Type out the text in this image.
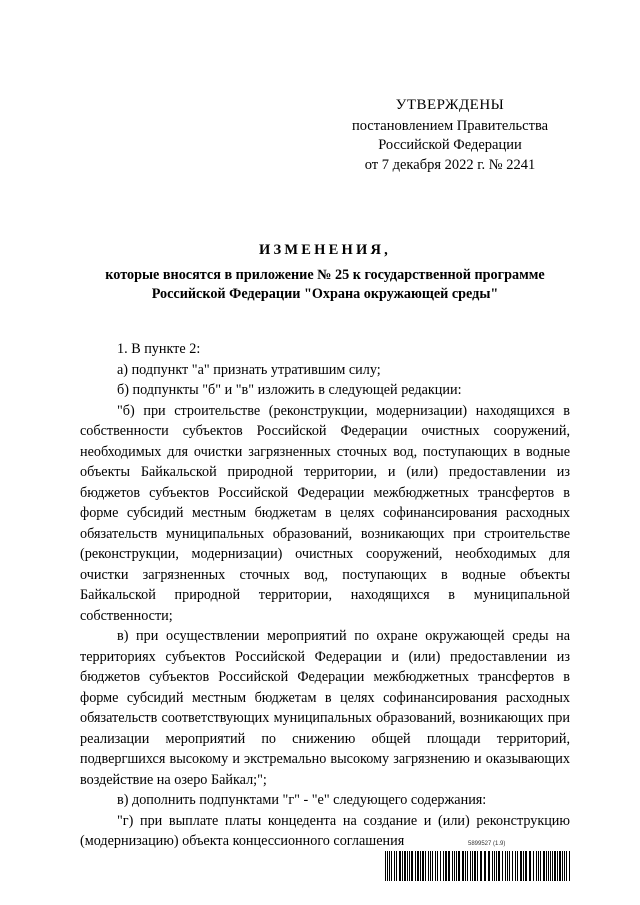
УТВЕРЖДЕНЫ
постановлением Правительства
Российской Федерации
от 7 декабря 2022 г. № 2241
ИЗМЕНЕНИЯ,
которые вносятся в приложение № 25 к государственной программе
Российской Федерации "Охрана окружающей среды"

1. В пункте 2:

а) подпункт "а" признать утратившим силу;

б) подпункты "б" и "в" изложить в следующей редакции:

"б) при строительстве (реконструкции, модернизации) находящихся в собственности субъектов Российской Федерации очистных сооружений, необходимых для очистки загрязненных сточных вод, поступающих в водные объекты Байкальской природной территории, и (или) предоставлении из бюджетов субъектов Российской Федерации межбюджетных трансфертов в форме субсидий местным бюджетам в целях софинансирования расходных обязательств муниципальных образований, возникающих при строительстве (реконструкции, модернизации) очистных сооружений, необходимых для очистки загрязненных сточных вод, поступающих в водные объекты Байкальской природной территории, находящихся в муниципальной собственности;

в) при осуществлении мероприятий по охране окружающей среды на территориях субъектов Российской Федерации и (или) предоставлении из бюджетов субъектов Российской Федерации межбюджетных трансфертов в форме субсидий местным бюджетам в целях софинансирования расходных обязательств соответствующих муниципальных образований, возникающих при реализации мероприятий по снижению общей площади территорий, подвергшихся высокому и экстремально высокому загрязнению и оказывающих воздействие на озеро Байкал;";

в) дополнить подпунктами "г" - "е" следующего содержания:

"г) при выплате платы концедента на создание и (или) реконструкцию (модернизацию) объекта концессионного соглашения	5899527 (1.9)
